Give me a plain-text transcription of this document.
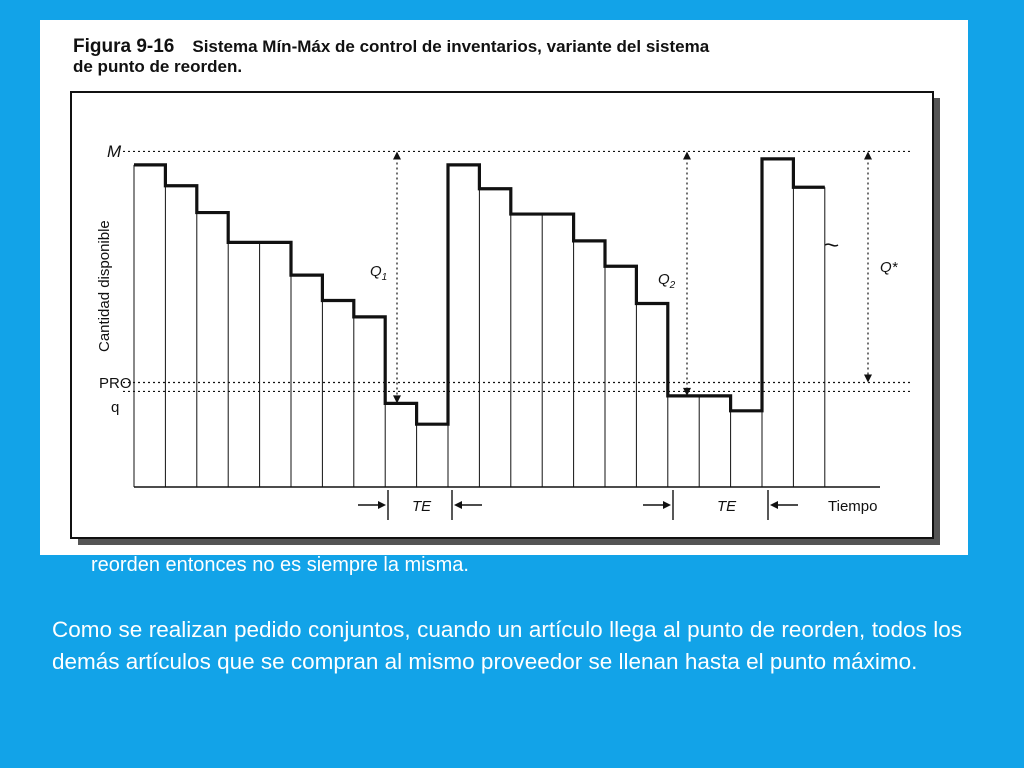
Figura 9-16 Sistema Mín-Máx de control de inventarios, variante del sistema
de punto de reorden.
M
PRO
q
Cantidad disponible	$Q_1$	$Q_2$
Q*
TE	TE	Tiempo
reorden entonces no es siempre la misma.
Como se realizan pedido conjuntos, cuando un artículo llega al punto de reorden, todos los demás artículos que se compran al mismo proveedor se llenan hasta el punto máximo.
